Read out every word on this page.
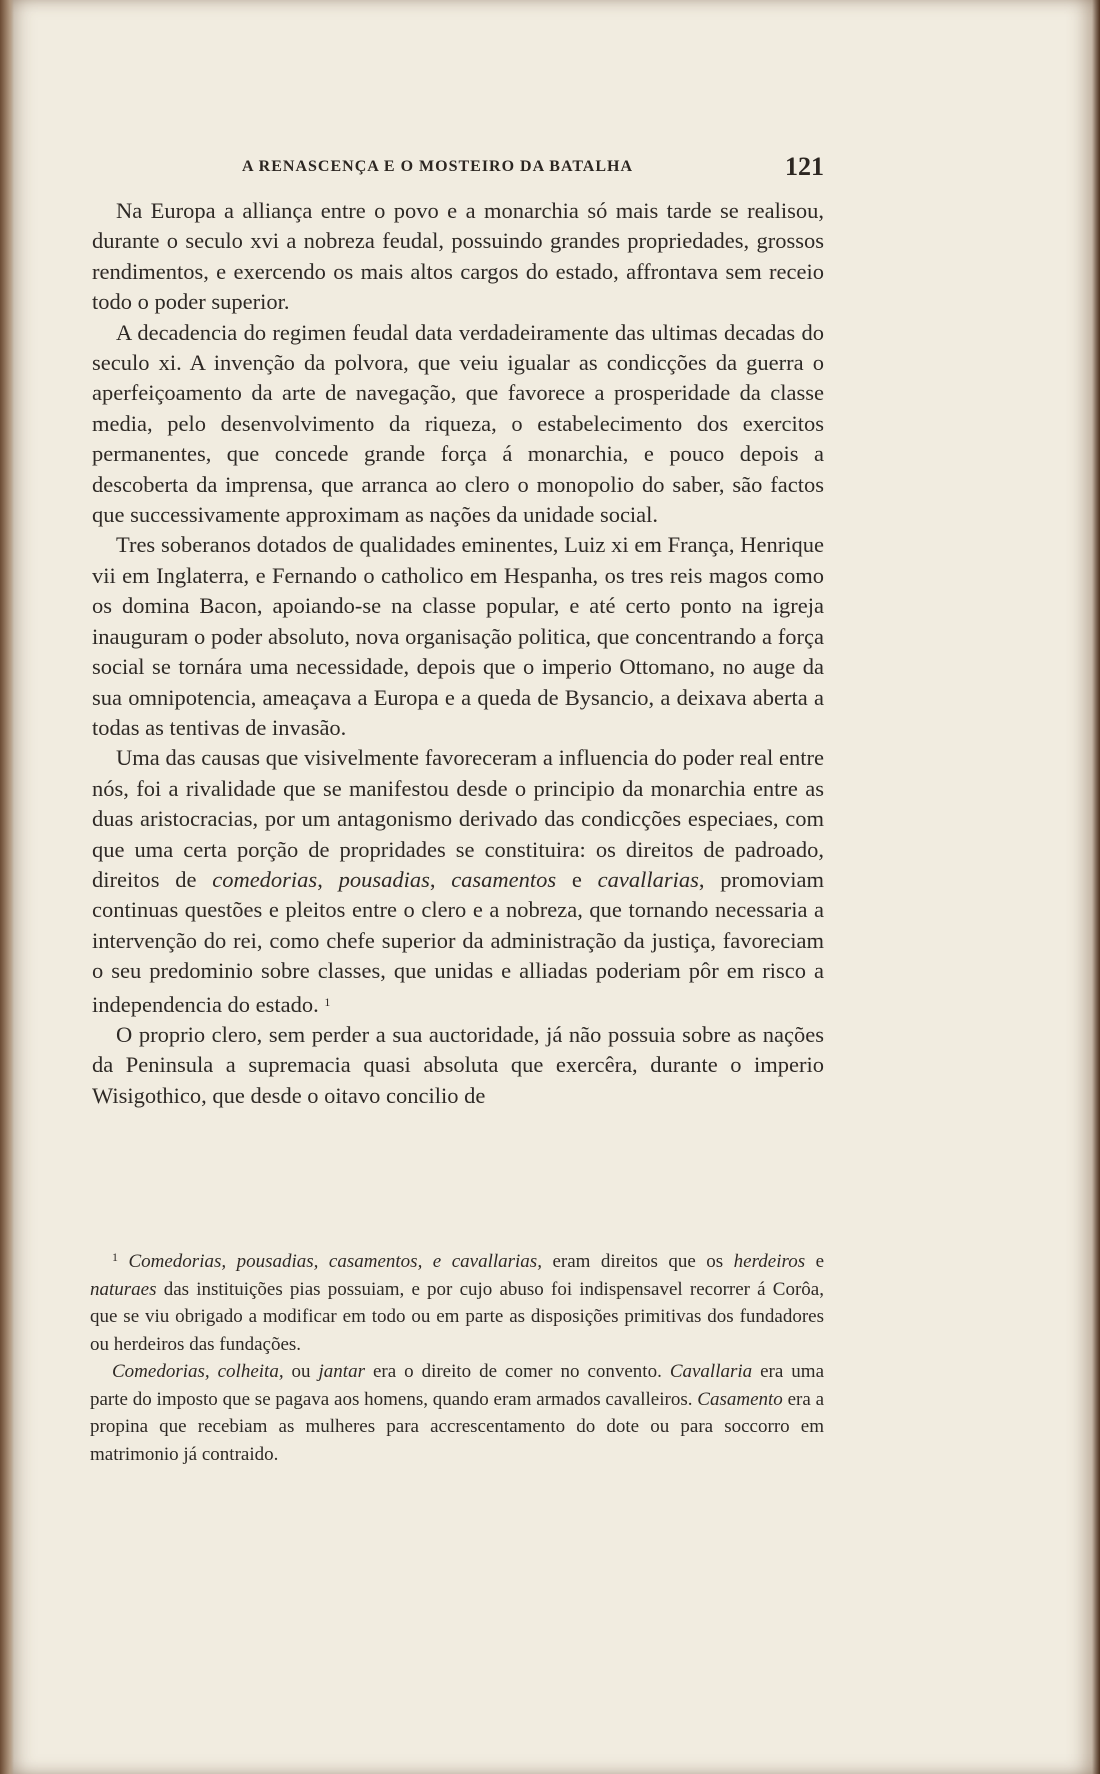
A RENASCENÇA E O MOSTEIRO DA BATALHA	121

Na Europa a alliança entre o povo e a monarchia só mais tarde se realisou, durante o seculo xvi a nobreza feudal, possuindo grandes propriedades, grossos rendimentos, e exercendo os mais altos cargos do estado, affrontava sem receio todo o poder superior.

A decadencia do regimen feudal data verdadeiramente das ultimas decadas do seculo xi. A invenção da polvora, que veiu igualar as condicções da guerra o aperfeiçoamento da arte de navegação, que favorece a prosperidade da classe media, pelo desenvolvimento da riqueza, o estabelecimento dos exercitos permanentes, que concede grande força á monarchia, e pouco depois a descoberta da imprensa, que arranca ao clero o monopolio do saber, são factos que successivamente approximam as nações da unidade social.

Tres soberanos dotados de qualidades eminentes, Luiz xi em França, Henrique vii em Inglaterra, e Fernando o catholico em Hespanha, os tres reis magos como os domina Bacon, apoiando-se na classe popular, e até certo ponto na igreja inauguram o poder absoluto, nova organisação politica, que concentrando a força social se tornára uma necessidade, depois que o imperio Ottomano, no auge da sua omnipotencia, ameaçava a Europa e a queda de Bysancio, a deixava aberta a todas as tentivas de invasão.

Uma das causas que visivelmente favoreceram a influencia do poder real entre nós, foi a rivalidade que se manifestou desde o principio da monarchia entre as duas aristocracias, por um antagonismo derivado das condicções especiaes, com que uma certa porção de propridades se constituira: os direitos de padroado, direitos de comedorias, pousadias, casamentos e cavallarias, promoviam continuas questões e pleitos entre o clero e a nobreza, que tornando necessaria a intervenção do rei, como chefe superior da administração da justiça, favoreciam o seu predominio sobre classes, que unidas e alliadas poderiam pôr em risco a independencia do estado. $^1$

O proprio clero, sem perder a sua auctoridade, já não possuia sobre as nações da Peninsula a supremacia quasi absoluta que exercêra, durante o imperio Wisigothico, que desde o oitavo concilio de

$^1$ Comedorias, pousadias, casamentos, e cavallarias, eram direitos que os herdeiros e naturaes das instituições pias possuiam, e por cujo abuso foi indispensavel recorrer á Corôa, que se viu obrigado a modificar em todo ou em parte as disposições primitivas dos fundadores ou herdeiros das fundações.

Comedorias, colheita, ou jantar era o direito de comer no convento. Cavallaria era uma parte do imposto que se pagava aos homens, quando eram armados cavalleiros. Casamento era a propina que recebiam as mulheres para accrescentamento do dote ou para soccorro em matrimonio já contraido.
